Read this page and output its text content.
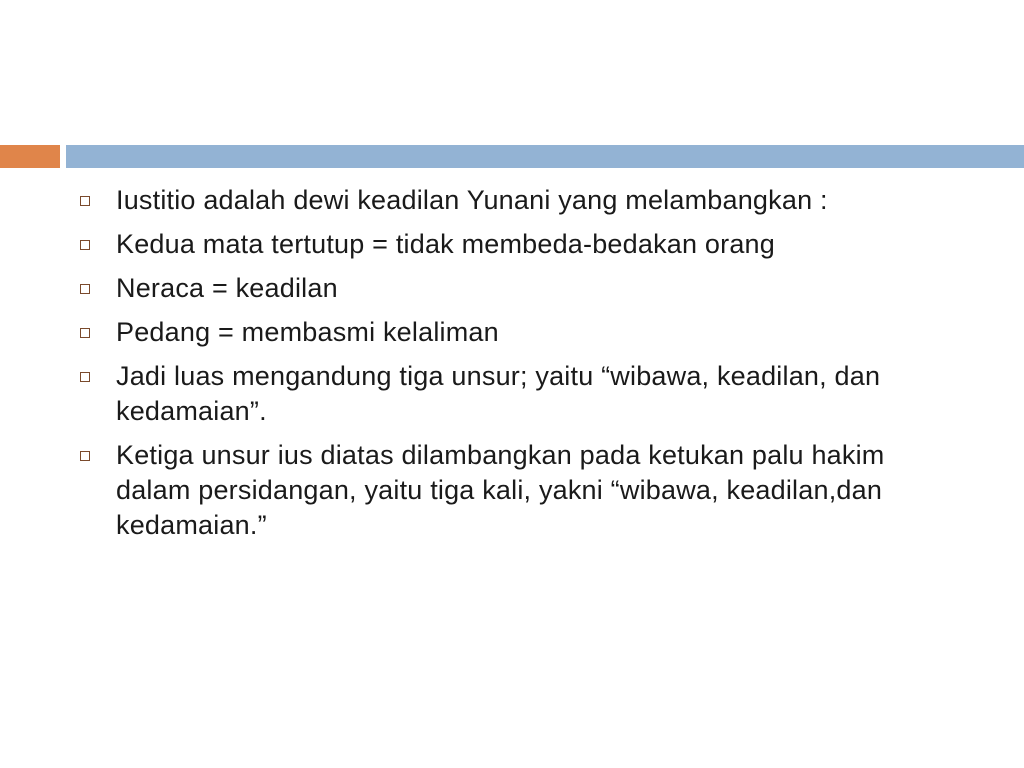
Iustitio adalah dewi keadilan Yunani yang melambangkan :
Kedua mata tertutup = tidak membeda-bedakan orang
Neraca = keadilan
Pedang = membasmi kelaliman
Jadi luas mengandung tiga unsur; yaitu “wibawa, keadilan, dan kedamaian”.
Ketiga unsur ius diatas dilambangkan pada ketukan palu hakim dalam persidangan, yaitu tiga kali, yakni “wibawa, keadilan,dan kedamaian.”
